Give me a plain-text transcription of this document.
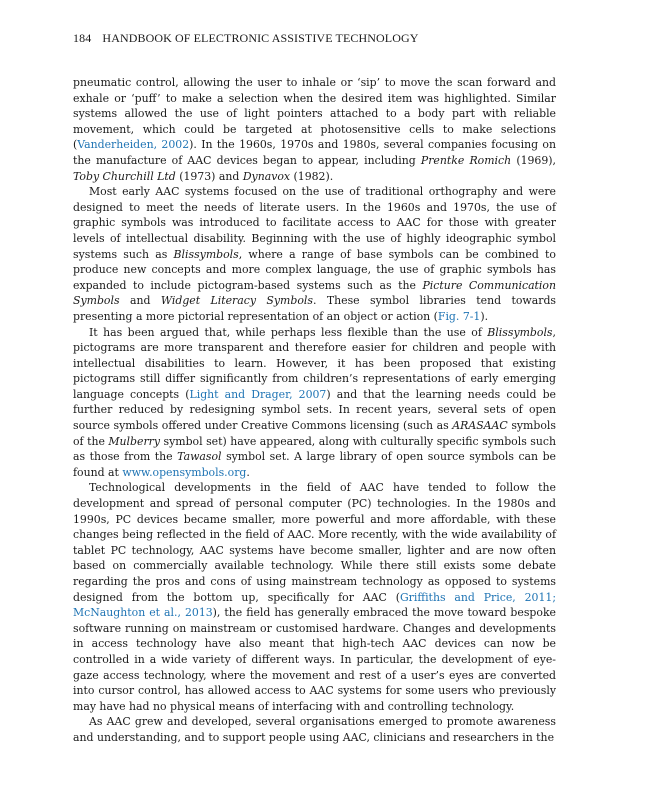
184 HANDBOOK OF ELECTRONIC ASSISTIVE TECHNOLOGY

pneumatic control, allowing the user to inhale or ‘sip’ to move the scan forward and exhale or ‘puff’ to make a selection when the desired item was highlighted. Similar systems allowed the use of light pointers attached to a body part with reliable movement, which could be targeted at photosensitive cells to make selections (Vanderheiden, 2002). In the 1960s, 1970s and 1980s, several companies focusing on the manufacture of AAC devices began to appear, including Prentke Romich (1969), Toby Churchill Ltd (1973) and Dynavox (1982).

Most early AAC systems focused on the use of traditional orthography and were designed to meet the needs of literate users. In the 1960s and 1970s, the use of graphic symbols was introduced to facilitate access to AAC for those with greater levels of intellectual disability. Beginning with the use of highly ideographic symbol systems such as Blissymbols, where a range of base symbols can be combined to produce new concepts and more complex language, the use of graphic symbols has expanded to include pictogram-based systems such as the Picture Communication Symbols and Widget Literacy Symbols. These symbol libraries tend towards presenting a more pictorial representation of an object or action (Fig. 7-1).

It has been argued that, while perhaps less flexible than the use of Blissymbols, pictograms are more transparent and therefore easier for children and people with intellectual disabilities to learn. However, it has been proposed that existing pictograms still differ significantly from children’s representations of early emerging language concepts (Light and Drager, 2007) and that the learning needs could be further reduced by redesigning symbol sets. In recent years, several sets of open source symbols offered under Creative Commons licensing (such as ARASAAC symbols of the Mulberry symbol set) have appeared, along with culturally specific symbols such as those from the Tawasol symbol set. A large library of open source symbols can be found at www.opensymbols.org.

Technological developments in the field of AAC have tended to follow the development and spread of personal computer (PC) technologies. In the 1980s and 1990s, PC devices became smaller, more powerful and more affordable, with these changes being reflected in the field of AAC. More recently, with the wide availability of tablet PC technology, AAC systems have become smaller, lighter and are now often based on commercially available technology. While there still exists some debate regarding the pros and cons of using mainstream technology as opposed to systems designed from the bottom up, specifically for AAC (Griffiths and Price, 2011; McNaughton et al., 2013), the field has generally embraced the move toward bespoke software running on mainstream or customised hardware. Changes and developments in access technology have also meant that high-tech AAC devices can now be controlled in a wide variety of different ways. In particular, the development of eye-gaze access technology, where the movement and rest of a user’s eyes are converted into cursor control, has allowed access to AAC systems for some users who previously may have had no physical means of interfacing with and controlling technology.

As AAC grew and developed, several organisations emerged to promote awareness and understanding, and to support people using AAC, clinicians and researchers in the
